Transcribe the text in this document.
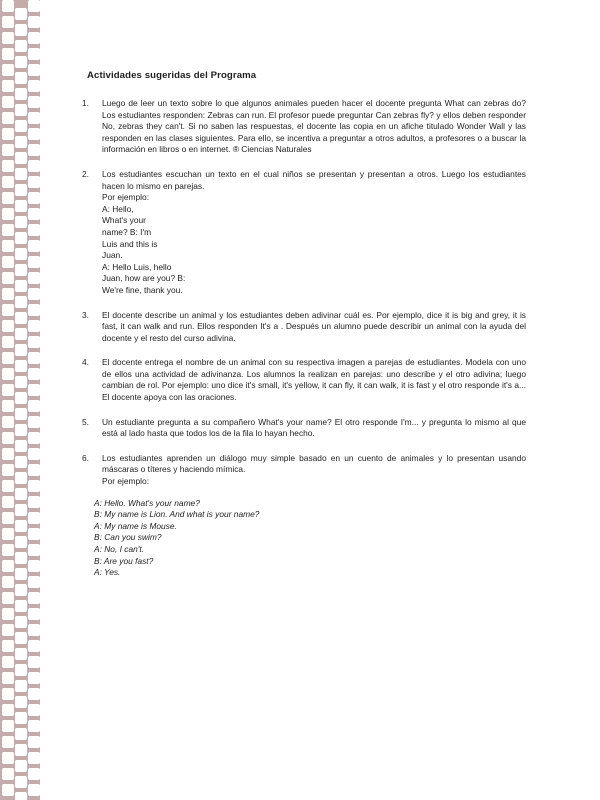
Actividades sugeridas del Programa
1. Luego de leer un texto sobre lo que algunos animales pueden hacer el docente pregunta What can zebras do? Los estudiantes responden: Zebras can run. El profesor puede preguntar Can zebras fly? y ellos deben responder No, zebras they can't. Si no saben las respuestas, el docente las copia en un afiche titulado Wonder Wall y las responden en las clases siguientes. Para ello, se incentiva a preguntar a otros adultos, a profesores o a buscar la información en libros o en internet. ® Ciencias Naturales
2. Los estudiantes escuchan un texto en el cual niños se presentan y presentan a otros. Luego los estudiantes hacen lo mismo en parejas.
Por ejemplo:
A: Hello, What's your name? B: I'm Luis and this is Juan.
A: Hello Luis, hello Juan, how are you? B: We're fine, thank you.
3. El docente describe un animal y los estudiantes deben adivinar cuál es. Por ejemplo, dice it is big and grey, it is fast, it can walk and run. Ellos responden It's a . Después un alumno puede describir un animal con la ayuda del docente y el resto del curso adivina.
4. El docente entrega el nombre de un animal con su respectiva imagen a parejas de estudiantes. Modela con uno de ellos una actividad de adivinanza. Los alumnos la realizan en parejas: uno describe y el otro adivina; luego cambian de rol. Por ejemplo: uno dice it's small, it's yellow, it can fly, it can walk, it is fast y el otro responde it's a... El docente apoya con las oraciones.
5. Un estudiante pregunta a su compañero What's your name? El otro responde I'm... y pregunta lo mismo al que está al lado hasta que todos los de la fila lo hayan hecho.
6. Los estudiantes aprenden un diálogo muy simple basado en un cuento de animales y lo presentan usando máscaras o títeres y haciendo mímica.
Por ejemplo:
A: Hello. What's your name?
B: My name is Lion. And what is your name?
A: My name is Mouse.
B: Can you swim?
A: No, I can't.
B: Are you fast?
A: Yes.
